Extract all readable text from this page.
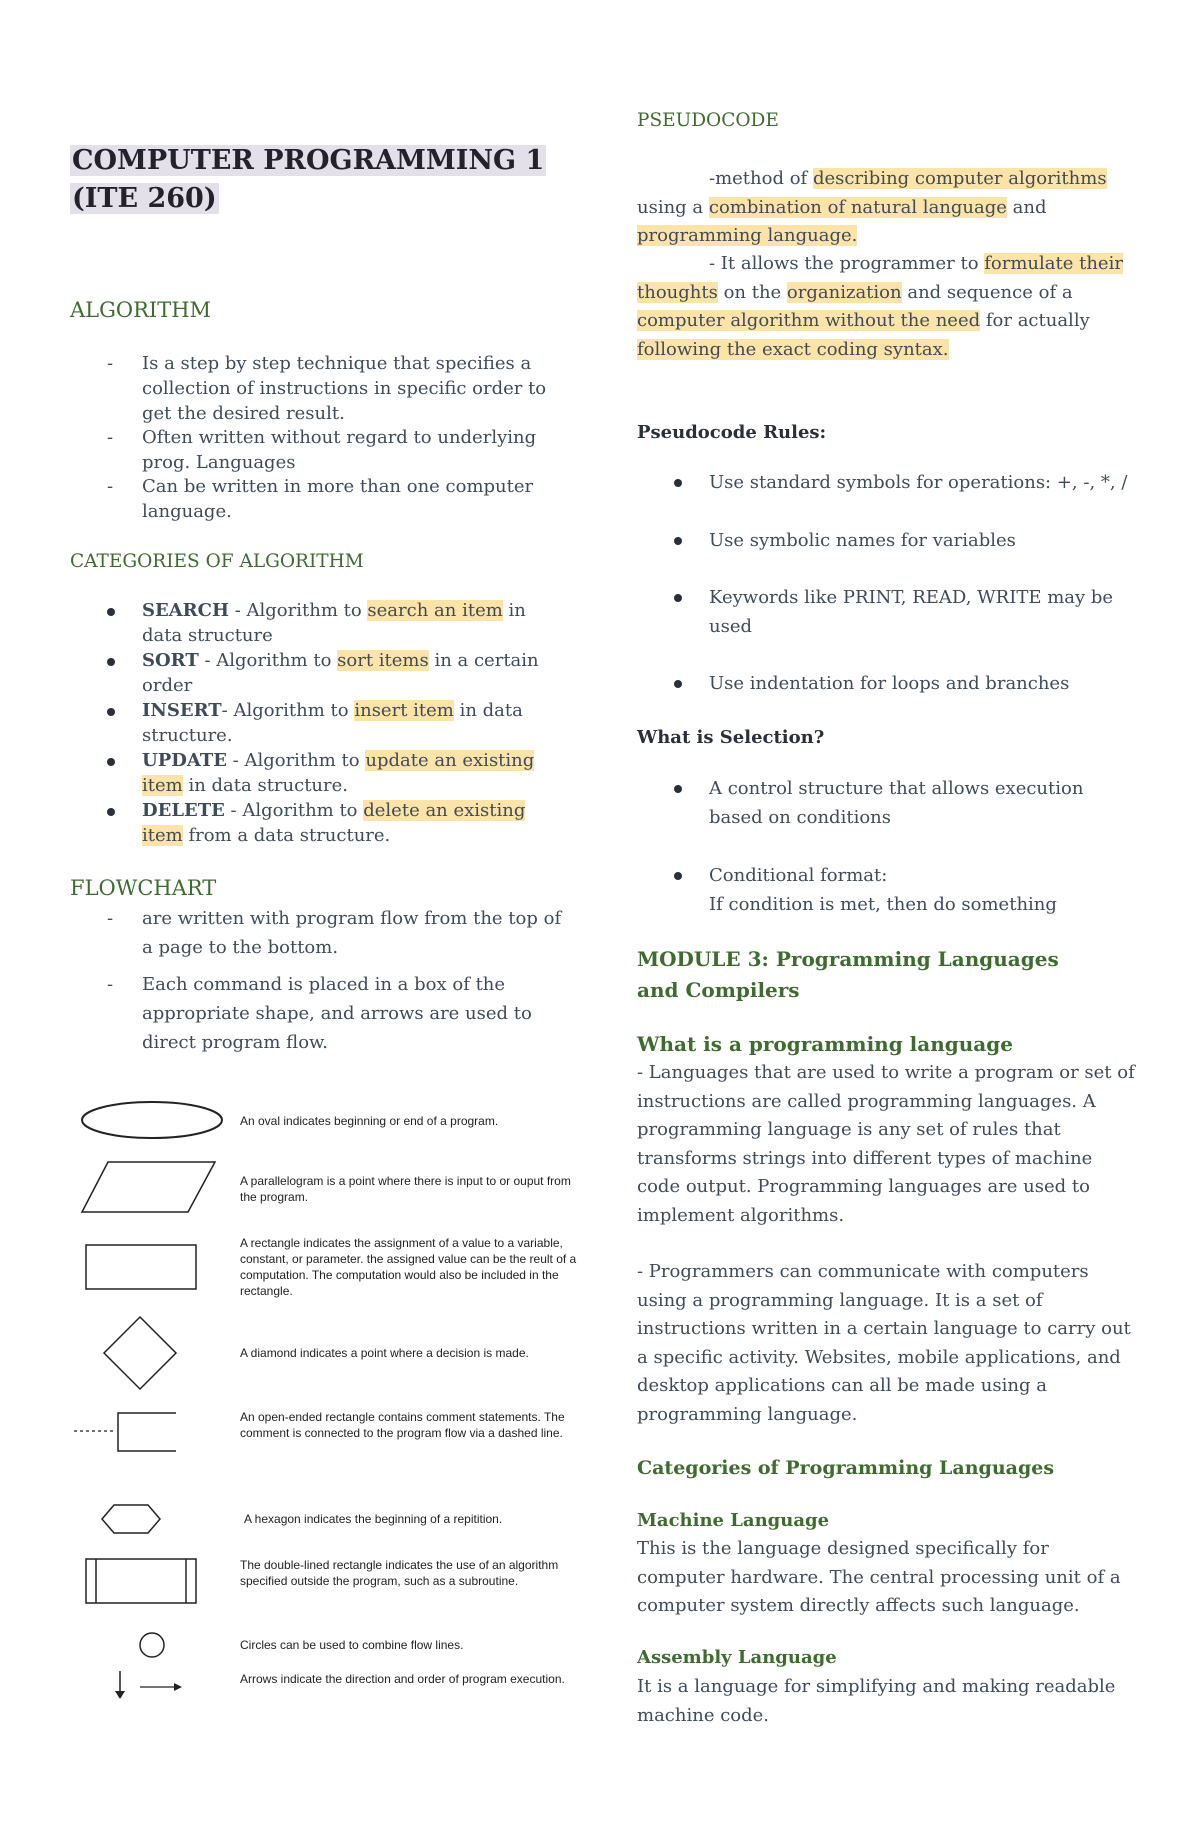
COMPUTER PROGRAMMING 1
(ITE 260)
ALGORITHM
- Is a step by step technique that specifies a collection of instructions in specific order to get the desired result.
- Often written without regard to underlying prog. Languages
- Can be written in more than one computer language.
CATEGORIES OF ALGORITHM
SEARCH - Algorithm to search an item in data structure
SORT - Algorithm to sort items in a certain order
INSERT- Algorithm to insert item in data structure.
UPDATE - Algorithm to update an existing item in data structure.
DELETE - Algorithm to delete an existing item from a data structure.
FLOWCHART
- are written with program flow from the top of a page to the bottom.
- Each command is placed in a box of the appropriate shape, and arrows are used to direct program flow.
An oval indicates beginning or end of a program.
A parallelogram is a point where there is input to or ouput from the program.
A rectangle indicates the assignment of a value to a variable, constant, or parameter. the assigned value can be the reult of a computation. The computation would also be included in the rectangle.
A diamond indicates a point where a decision is made.
An open-ended rectangle contains comment statements. The comment is connected to the program flow via a dashed line.
A hexagon indicates the beginning of a repitition.
The double-lined rectangle indicates the use of an algorithm specified outside the program, such as a subroutine.
Circles can be used to combine flow lines.
Arrows indicate the direction and order of program execution.
PSEUDOCODE
-method of describing computer algorithms using a combination of natural language and programming language.
- It allows the programmer to formulate their thoughts on the organization and sequence of a computer algorithm without the need for actually following the exact coding syntax.
Pseudocode Rules:
Use standard symbols for operations: +, -, *, /
Use symbolic names for variables
Keywords like PRINT, READ, WRITE may be used
Use indentation for loops and branches
What is Selection?
A control structure that allows execution based on conditions
Conditional format:
If condition is met, then do something
MODULE 3: Programming Languages and Compilers
What is a programming language
- Languages that are used to write a program or set of instructions are called programming languages. A programming language is any set of rules that transforms strings into different types of machine code output. Programming languages are used to implement algorithms.
- Programmers can communicate with computers using a programming language. It is a set of instructions written in a certain language to carry out a specific activity. Websites, mobile applications, and desktop applications can all be made using a programming language.
Categories of Programming Languages
Machine Language
This is the language designed specifically for computer hardware. The central processing unit of a computer system directly affects such language.
Assembly Language
It is a language for simplifying and making readable machine code.
